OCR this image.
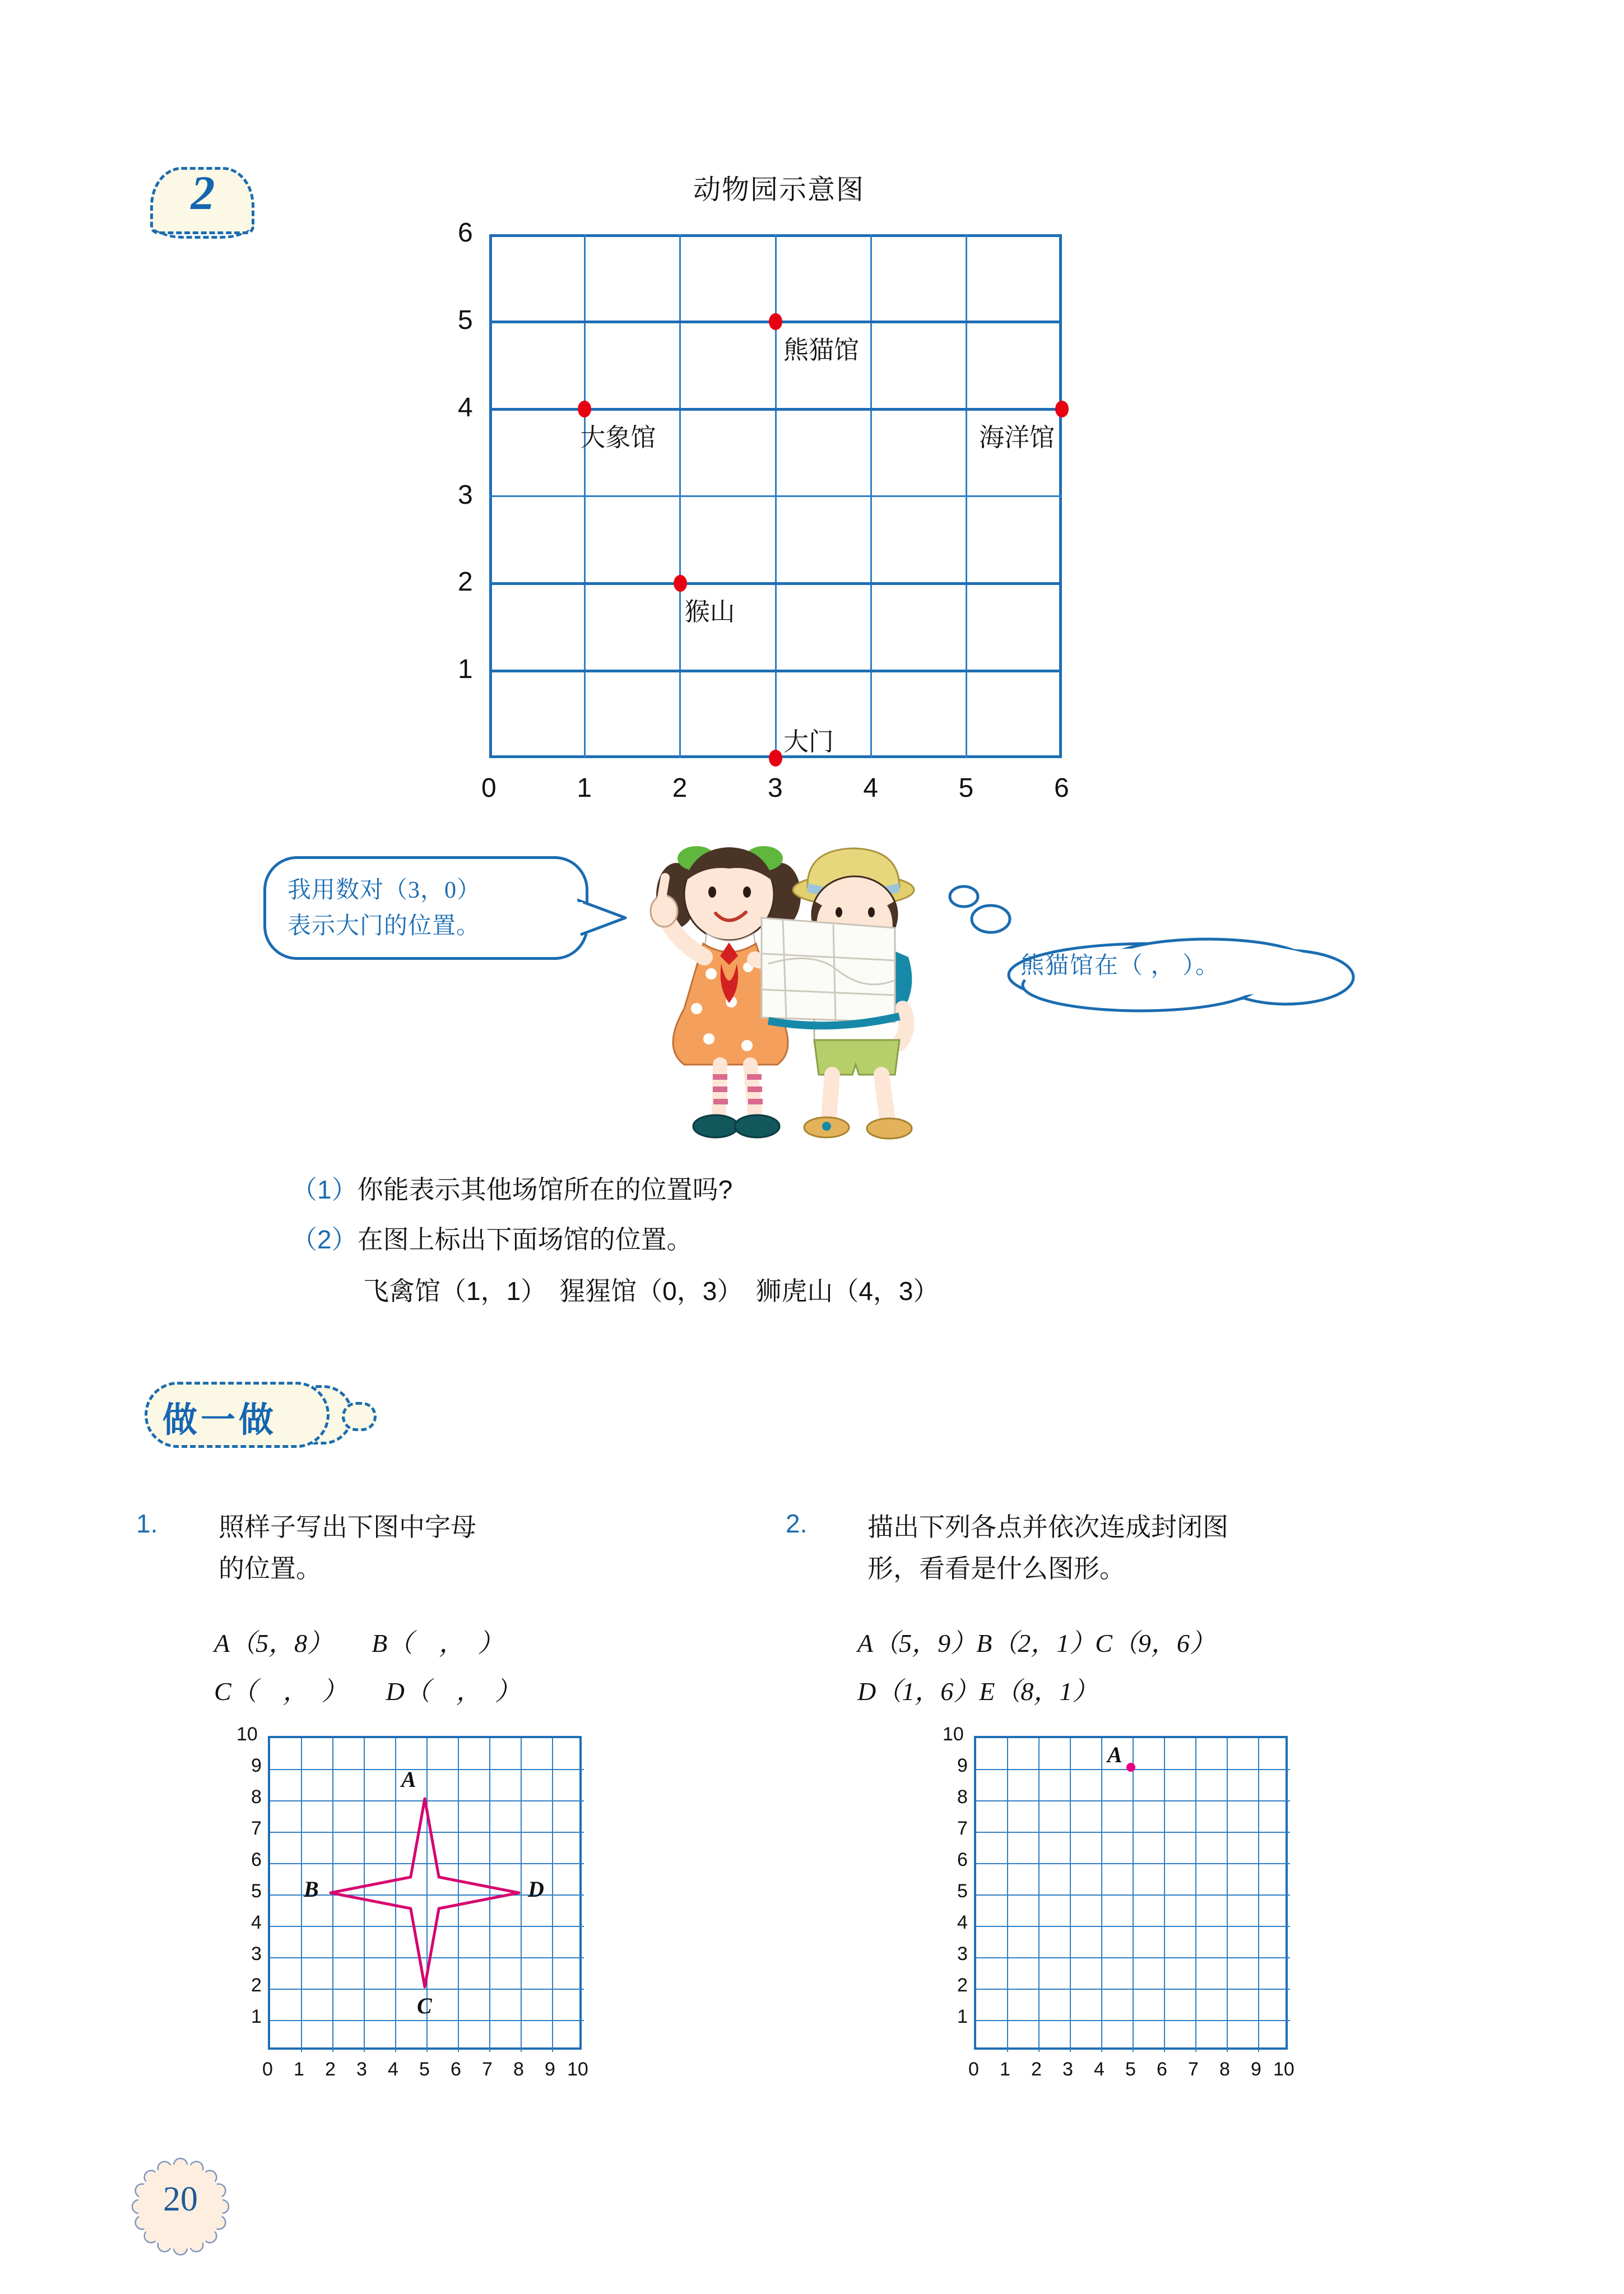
2	动物园示意图
0	1	2	3	4	5	6
1
2
3
4
5
6
熊猫馆
大象馆	海洋馆
猴山
大门
我用数对（3，0）
表示大门的位置。
熊猫馆在（ ， ）。
（1）你能表示其他场馆所在的位置吗?
（2）在图上标出下面场馆的位置。
飞禽馆（1，1）　猩猩馆（0，3）　狮虎山（4，3）
做一做
1. 照样子写出下图中字母
的位置。
A（5，8）　　B（　，　）
C（　，　）　　D（　，　）
0 1 2 3 4 5 6 7 8 9 10
1
2
3
4
5
6
7
8
9
10
A
B
C
D
2. 描出下列各点并依次连成封闭图
形，看看是什么图形。
A（5，9）B（2，1）C（9，6）
D（1，6）E（8，1）
0 1 2 3 4 5 6 7 8 9 10
1
2
3
4
5
6
7
8
9
10
A
20
